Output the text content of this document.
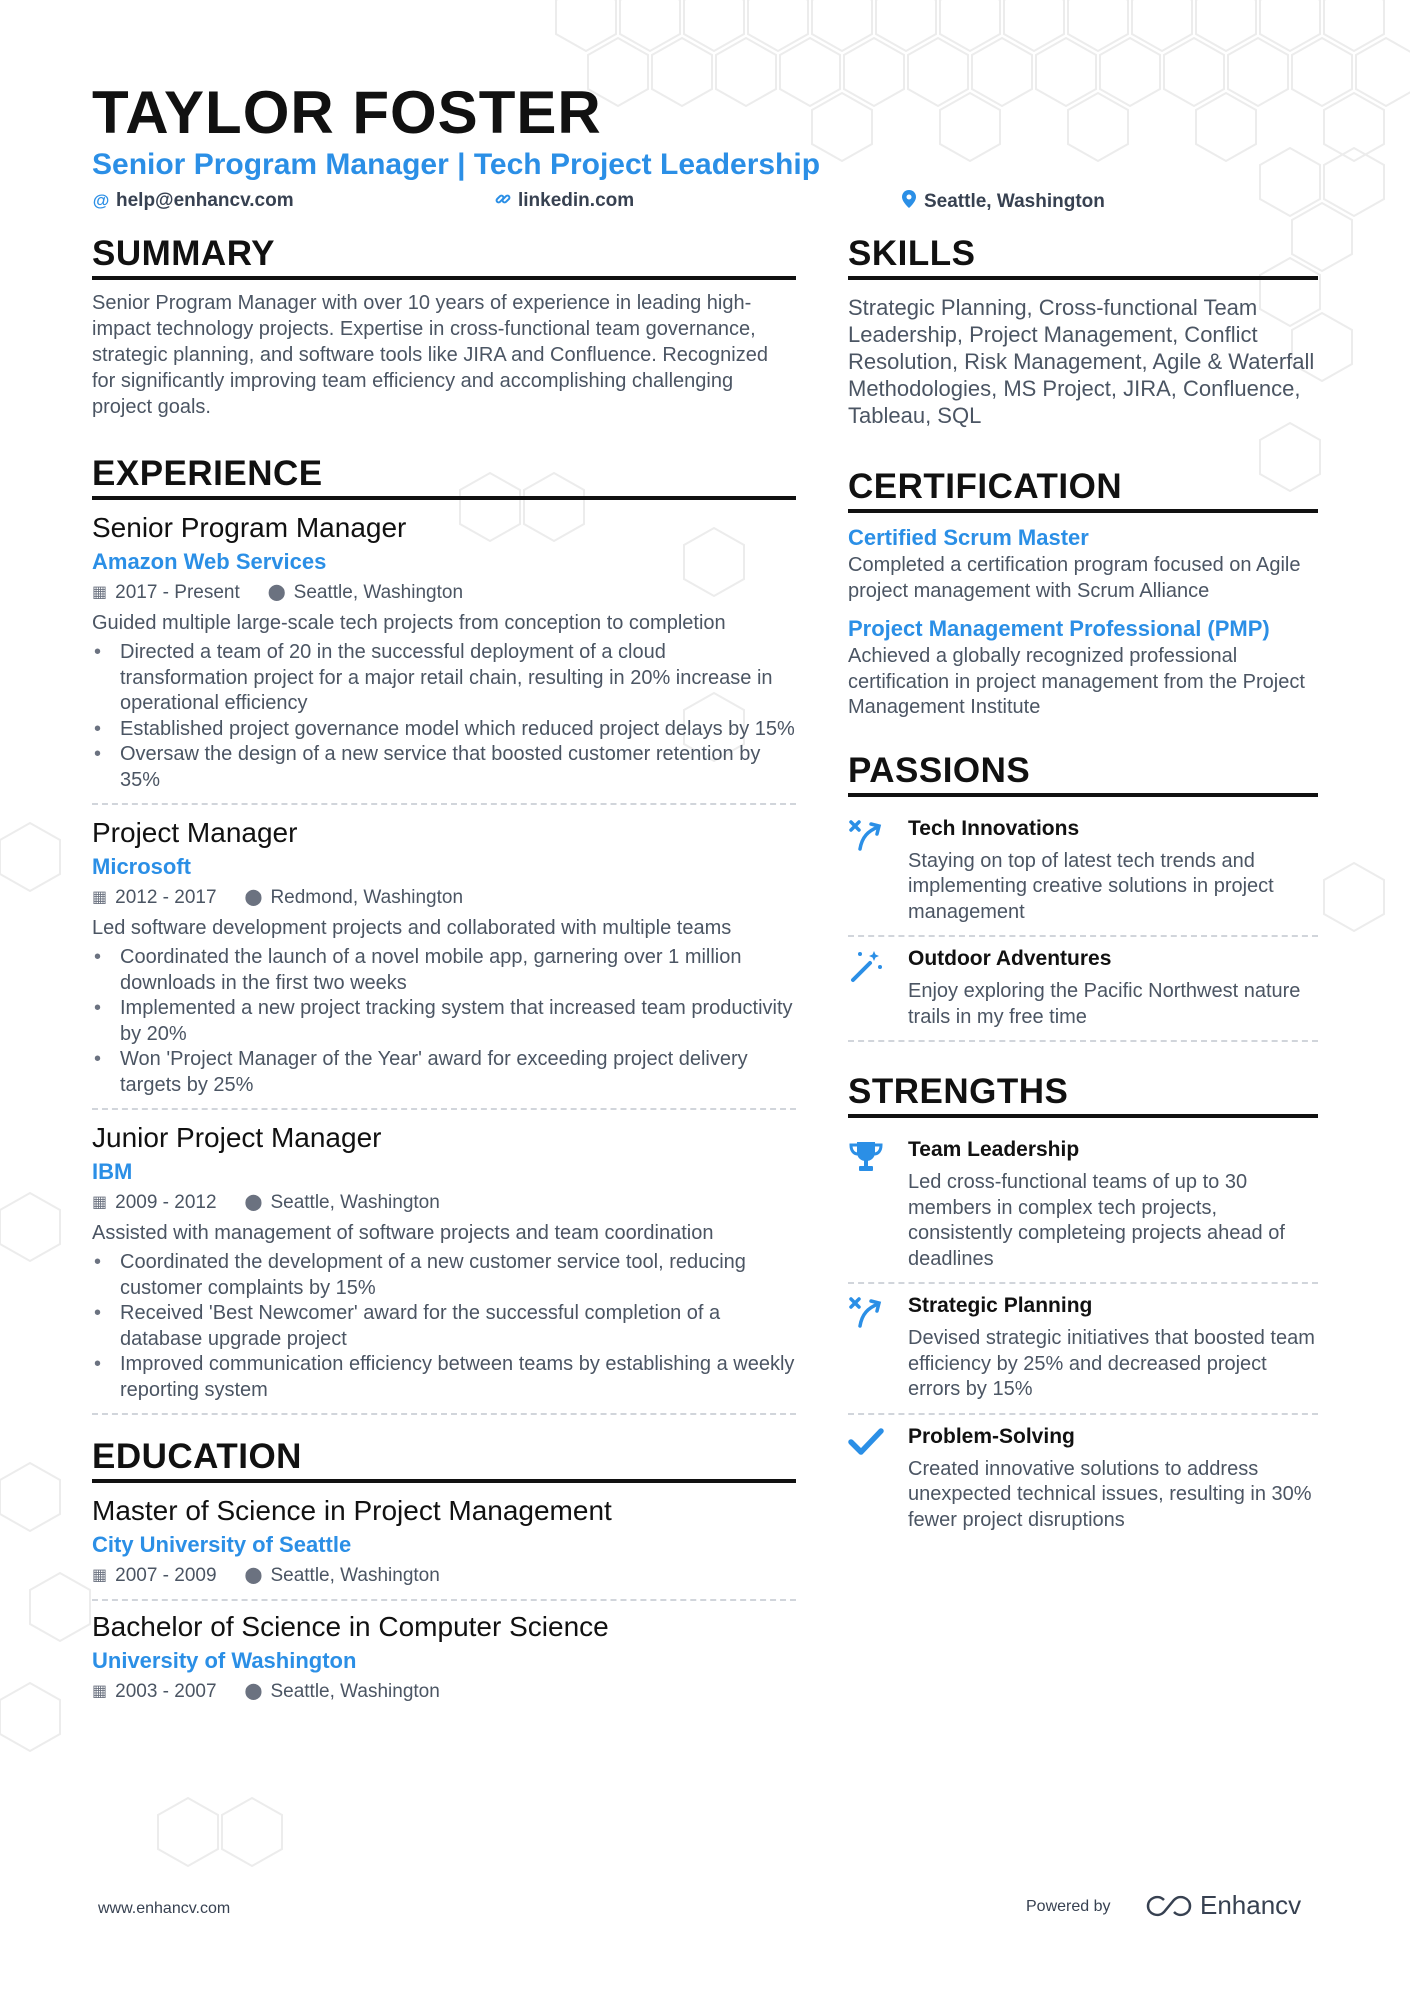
TAYLOR FOSTER
Senior Program Manager | Tech Project Leadership
@ help@enhancv.com	linkedin.com	Seattle, Washington
SUMMARY
Senior Program Manager with over 10 years of experience in leading high-impact technology projects. Expertise in cross-functional team governance, strategic planning, and software tools like JIRA and Confluence. Recognized for significantly improving team efficiency and accomplishing challenging project goals.
EXPERIENCE
Senior Program Manager
Amazon Web Services
▦ 2017 - Present ⬤ Seattle, Washington
Guided multiple large-scale tech projects from conception to completion
• Directed a team of 20 in the successful deployment of a cloud transformation project for a major retail chain, resulting in 20% increase in operational efficiency
• Established project governance model which reduced project delays by 15%
• Oversaw the design of a new service that boosted customer retention by 35%
Project Manager
Microsoft
▦ 2012 - 2017 ⬤ Redmond, Washington
Led software development projects and collaborated with multiple teams
• Coordinated the launch of a novel mobile app, garnering over 1 million downloads in the first two weeks
• Implemented a new project tracking system that increased team productivity by 20%
• Won 'Project Manager of the Year' award for exceeding project delivery targets by 25%
Junior Project Manager
IBM
▦ 2009 - 2012 ⬤ Seattle, Washington
Assisted with management of software projects and team coordination
• Coordinated the development of a new customer service tool, reducing customer complaints by 15%
• Received 'Best Newcomer' award for the successful completion of a database upgrade project
• Improved communication efficiency between teams by establishing a weekly reporting system
EDUCATION
Master of Science in Project Management
City University of Seattle
▦ 2007 - 2009 ⬤ Seattle, Washington
Bachelor of Science in Computer Science
University of Washington
▦ 2003 - 2007 ⬤ Seattle, Washington
SKILLS
Strategic Planning, Cross-functional Team Leadership, Project Management, Conflict Resolution, Risk Management, Agile & Waterfall Methodologies, MS Project, JIRA, Confluence, Tableau, SQL
CERTIFICATION
Certified Scrum Master
Completed a certification program focused on Agile project management with Scrum Alliance
Project Management Professional (PMP)
Achieved a globally recognized professional certification in project management from the Project Management Institute
PASSIONS
Tech Innovations
Staying on top of latest tech trends and implementing creative solutions in project management
Outdoor Adventures
Enjoy exploring the Pacific Northwest nature trails in my free time
STRENGTHS
Team Leadership
Led cross-functional teams of up to 30 members in complex tech projects, consistently completeing projects ahead of deadlines
Strategic Planning
Devised strategic initiatives that boosted team efficiency by 25% and decreased project errors by 15%
Problem-Solving
Created innovative solutions to address unexpected technical issues, resulting in 30% fewer project disruptions
www.enhancv.com	Powered by	Enhancv
